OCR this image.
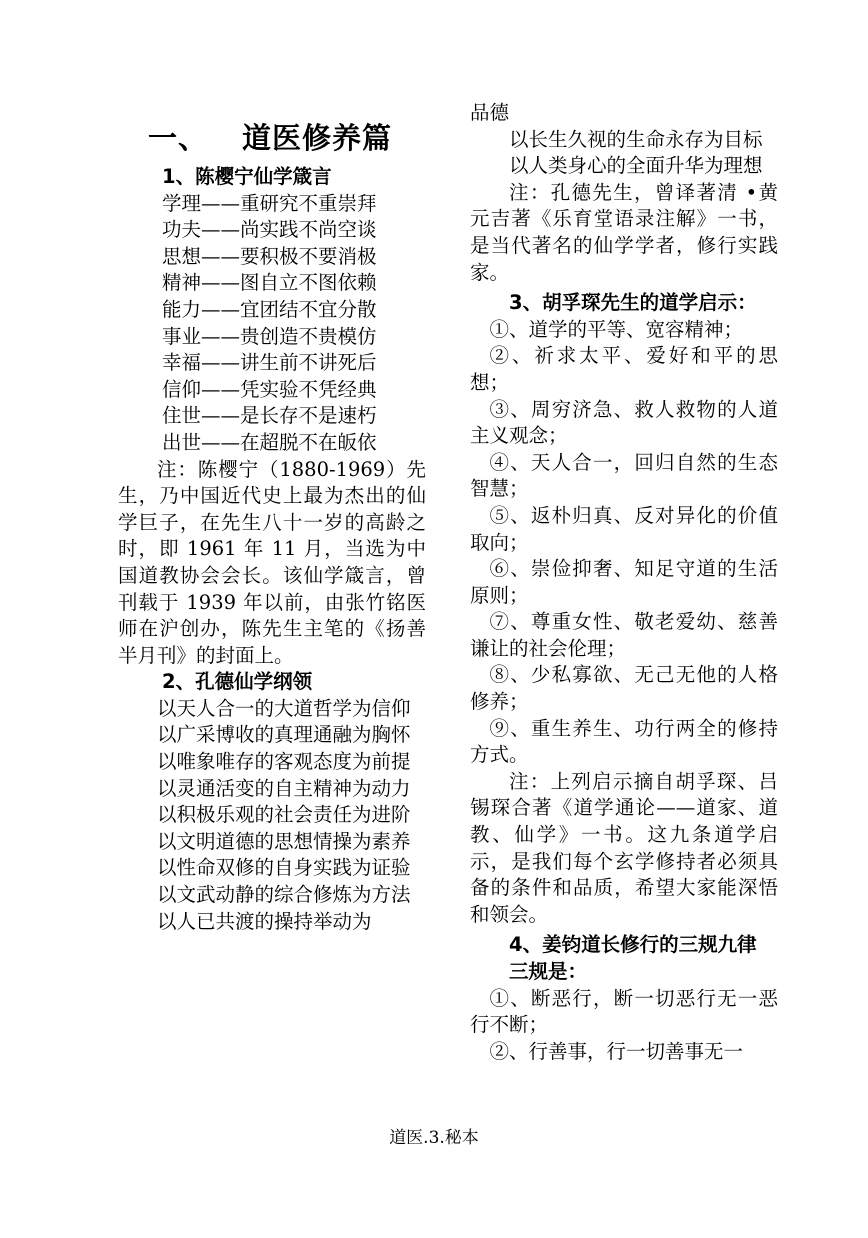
一、 道医修养篇

1、陈樱宁仙学箴言

学理——重研究不重崇拜

功夫——尚实践不尚空谈

思想——要积极不要消极

精神——图自立不图依赖

能力——宜团结不宜分散

事业——贵创造不贵模仿

幸福——讲生前不讲死后

信仰——凭实验不凭经典

住世——是长存不是速朽

出世——在超脱不在皈依

注：陈樱宁（1880-1969）先生，乃中国近代史上最为杰出的仙学巨子，在先生八十一岁的高龄之时，即 1961 年 11 月，当选为中国道教协会会长。该仙学箴言，曾刊载于 1939 年以前，由张竹铭医师在沪创办，陈先生主笔的《扬善半月刊》的封面上。

2、孔德仙学纲领

以天人合一的大道哲学为信仰

以广采博收的真理通融为胸怀

以唯象唯存的客观态度为前提

以灵通活变的自主精神为动力

以积极乐观的社会责任为进阶

以文明道德的思想情操为素养

以性命双修的自身实践为证验

以文武动静的综合修炼为方法

以人已共渡的操持举动为

品德

以长生久视的生命永存为目标

以人类身心的全面升华为理想

注：孔德先生，曾译著清 •黄元吉著《乐育堂语录注解》一书，是当代著名的仙学学者，修行实践家。

3、胡孚琛先生的道学启示：

①、道学的平等、宽容精神；

②、祈求太平、爱好和平的思想；

③、周穷济急、救人救物的人道主义观念；

④、天人合一，回归自然的生态智慧；

⑤、返朴归真、反对异化的价值取向；

⑥、崇俭抑奢、知足守道的生活原则；

⑦、尊重女性、敬老爱幼、慈善谦让的社会伦理；

⑧、少私寡欲、无己无他的人格修养；

⑨、重生养生、功行两全的修持方式。

注：上列启示摘自胡孚琛、吕锡琛合著《道学通论——道家、道教、仙学》一书。这九条道学启示，是我们每个玄学修持者必须具备的条件和品质，希望大家能深悟和领会。

4、姜钧道长修行的三规九律

三规是：

①、断恶行，断一切恶行无一恶行不断；

②、行善事，行一切善事无一

道医.3.秘本
